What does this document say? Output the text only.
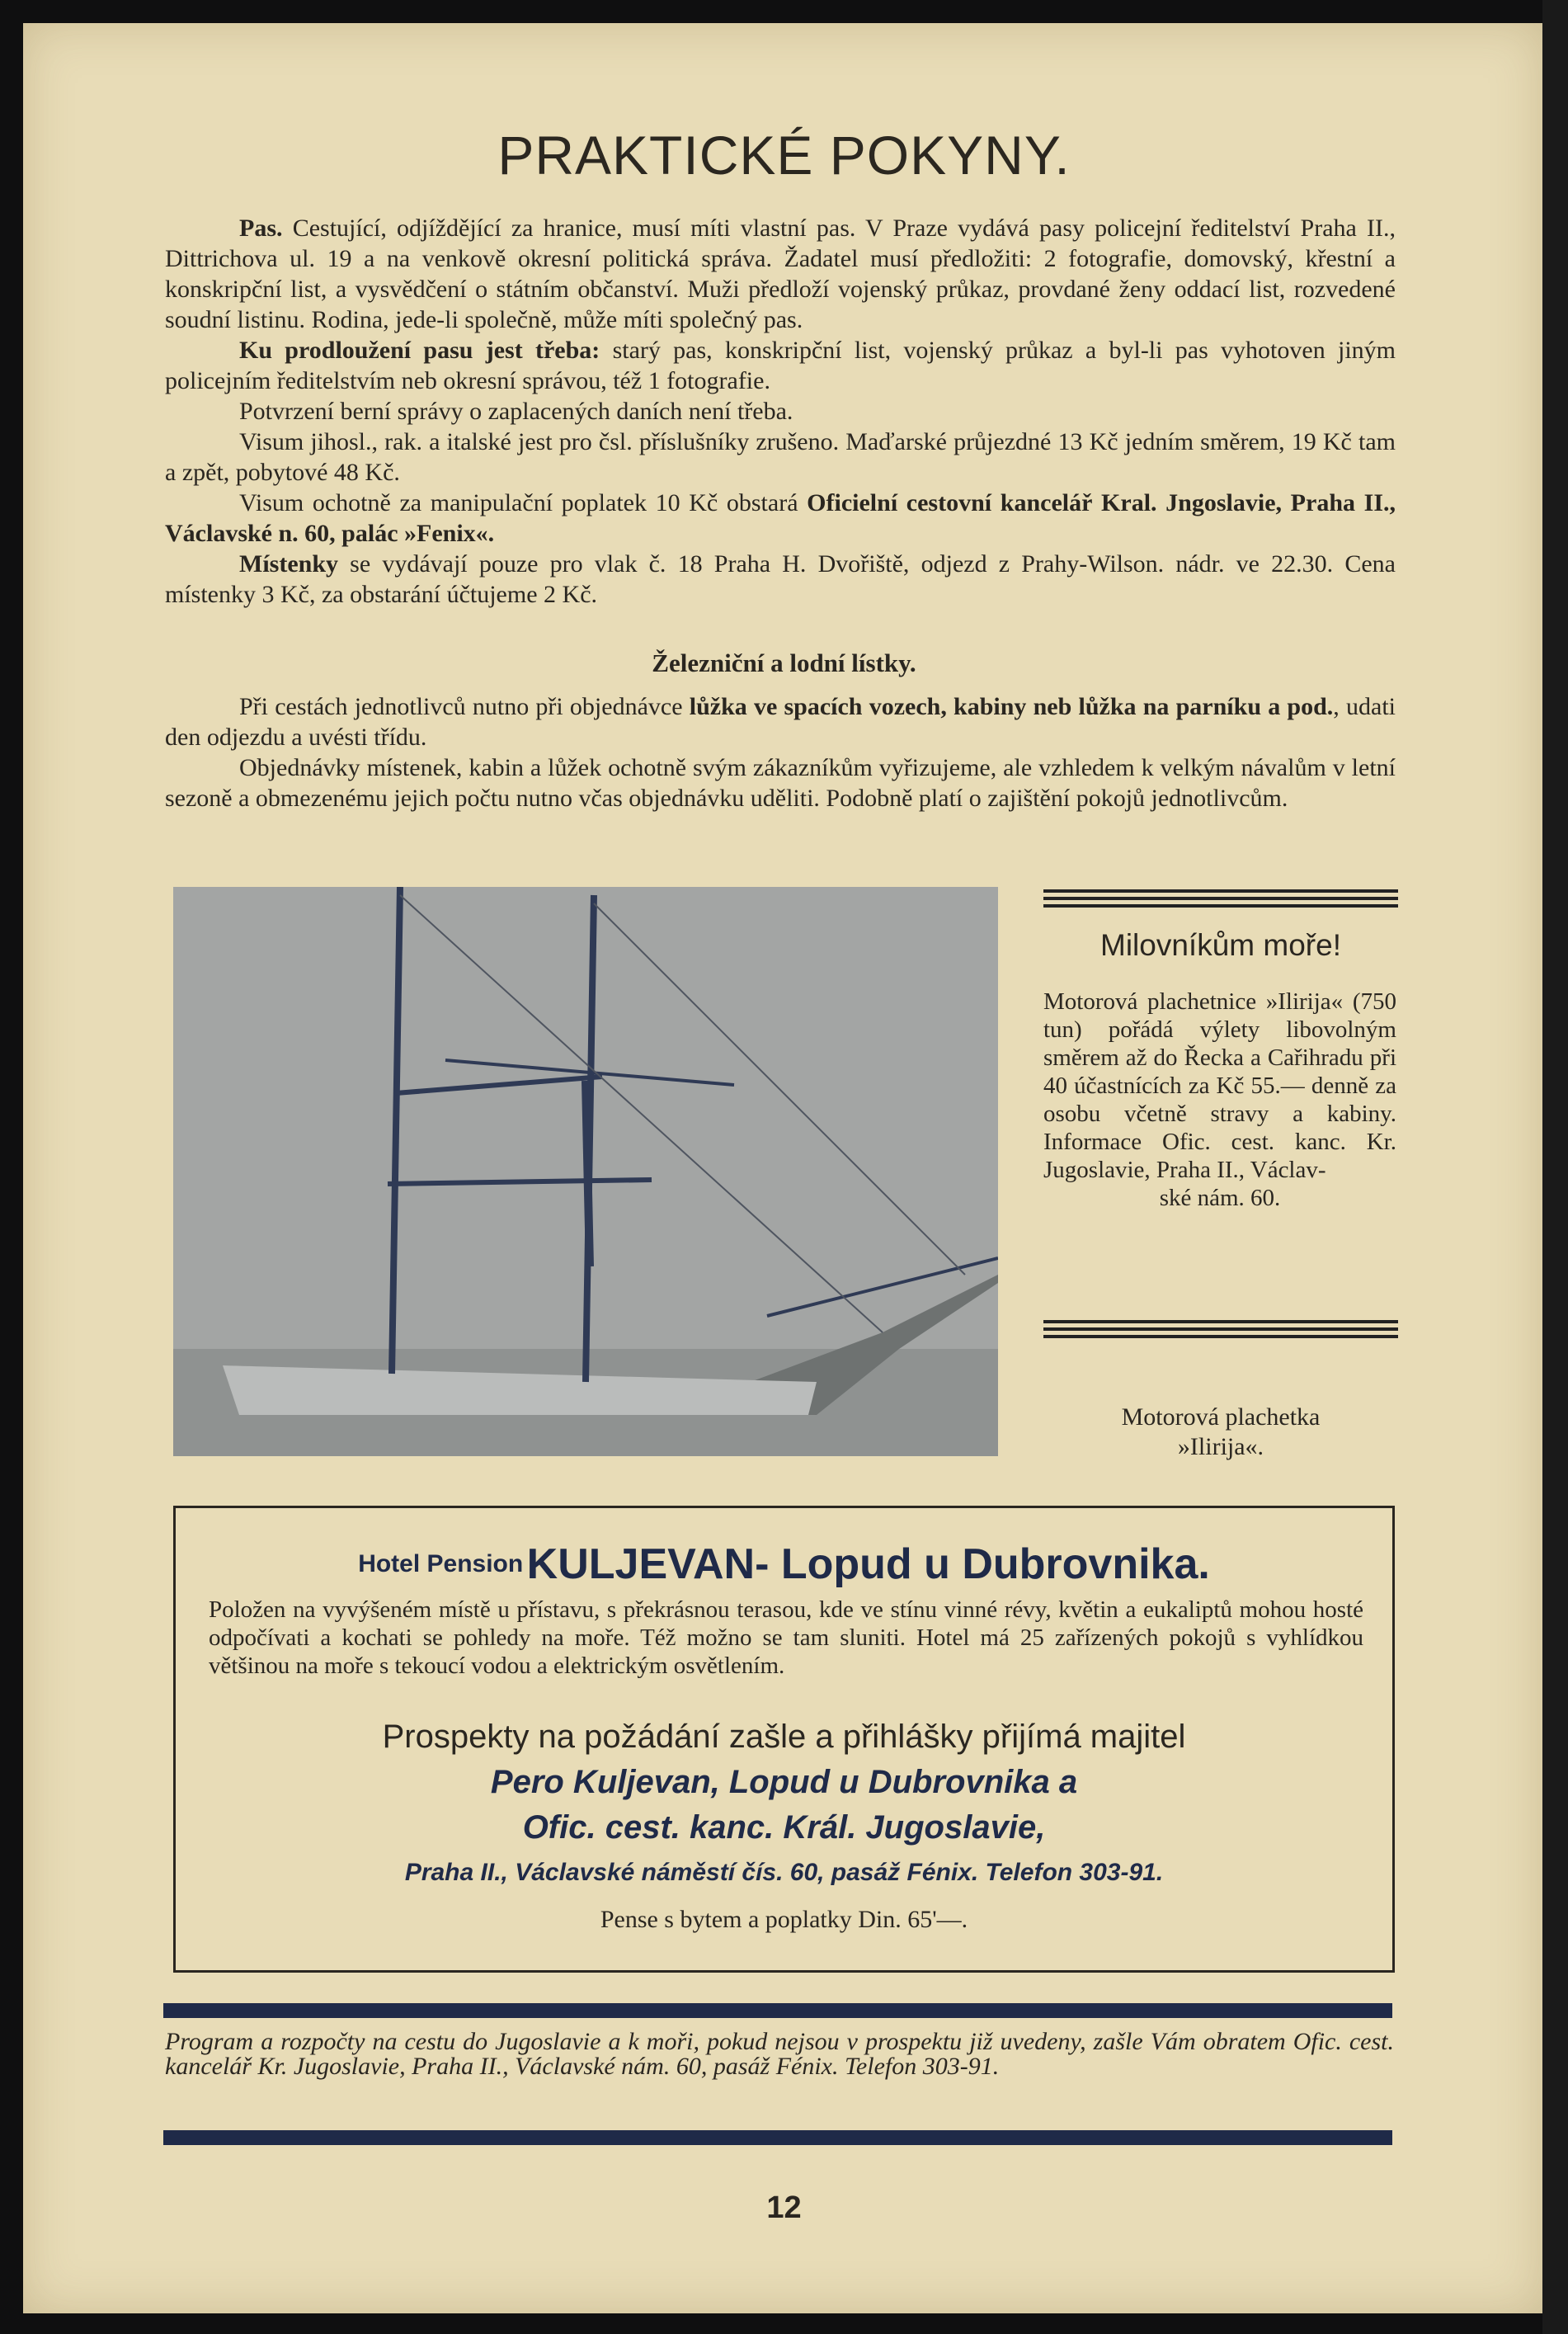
PRAKTICKÉ POKYNY.

Pas. Cestující, odjíždějící za hranice, musí míti vlastní pas. V Praze vydává pasy policejní ředitelství Praha II., Dittrichova ul. 19 a na venkově okresní politická správa. Žadatel musí předložiti: 2 fotografie, domovský, křestní a konskripční list, a vysvědčení o státním občanství. Muži předloží vojenský průkaz, provdané ženy oddací list, rozvedené soudní listinu. Rodina, jede-li společně, může míti společný pas.

Ku prodloužení pasu jest třeba: starý pas, konskripční list, vojenský průkaz a byl-li pas vyhotoven jiným policejním ředitelstvím neb okresní správou, též 1 fotografie.

Potvrzení berní správy o zaplacených daních není třeba.

Visum jihosl., rak. a italské jest pro čsl. příslušníky zrušeno. Maďarské průjezdné 13 Kč jedním směrem, 19 Kč tam a zpět, pobytové 48 Kč.

Visum ochotně za manipulační poplatek 10 Kč obstará Oficielní cestovní kancelář Kral. Jngoslavie, Praha II., Václavské n. 60, palác »Fenix«.

Místenky se vydávají pouze pro vlak č. 18 Praha H. Dvořiště, odjezd z Prahy-Wilson. nádr. ve 22.30. Cena místenky 3 Kč, za obstarání účtujeme 2 Kč.

Železniční a lodní lístky.

Při cestách jednotlivců nutno při objednávce lůžka ve spacích vozech, kabiny neb lůžka na parníku a pod., udati den odjezdu a uvésti třídu.

Objednávky místenek, kabin a lůžek ochotně svým zákazníkům vyřizujeme, ale vzhledem k velkým návalům v letní sezoně a obmezenému jejich počtu nutno včas objednávku uděliti. Podobně platí o zajištění pokojů jednotlivcům.

Milovníkům moře!
Motorová plachetnice »Ilirija« (750 tun) pořádá výlety libovolným směrem až do Řecka a Cařihradu při 40 účastnících za Kč 55.— denně za osobu včetně stravy a kabiny. Informace Ofic. cest. kanc. Kr. Jugoslavie, Praha II., Václav-
ské nám. 60.
Motorová plachetka
»Ilirija«.
Hotel Pension KULJEVAN- Lopud u Dubrovnika.
Položen na vyvýšeném místě u přístavu, s překrásnou terasou, kde ve stínu vinné révy, květin a eukaliptů mohou hosté odpočívati a kochati se pohledy na moře. Též možno se tam sluniti. Hotel má 25 zařízených pokojů s vyhlídkou většinou na moře s tekoucí vodou a elektrickým osvětlením.
Prospekty na požádání zašle a přihlášky přijímá majitel
Pero Kuljevan, Lopud u Dubrovnika a
Ofic. cest. kanc. Král. Jugoslavie,
Praha II., Václavské náměstí čís. 60, pasáž Fénix. Telefon 303-91.
Pense s bytem a poplatky Din. 65'—.
Program a rozpočty na cestu do Jugoslavie a k moři, pokud nejsou v prospektu již uvedeny, zašle Vám obratem Ofic. cest. kancelář Kr. Jugoslavie, Praha II., Václavské nám. 60, pasáž Fénix. Telefon 303-91.
12
